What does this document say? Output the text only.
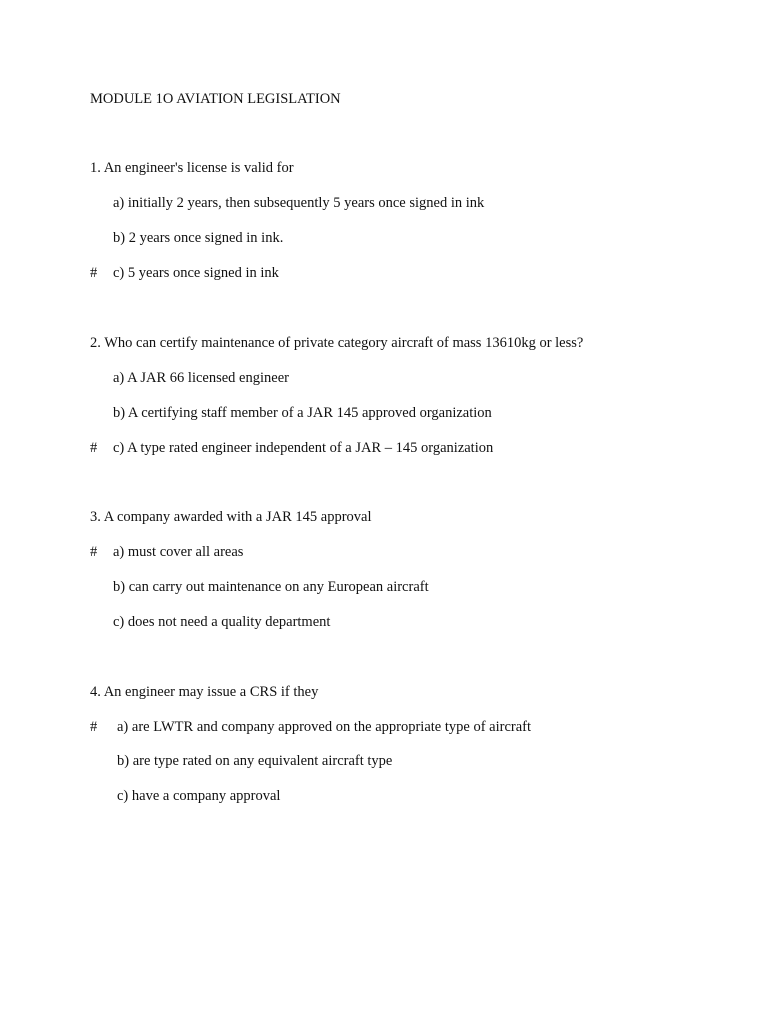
MODULE 1O AVIATION LEGISLATION
1. An engineer's license is valid for
a) initially 2 years, then subsequently 5 years once signed in ink
b) 2 years once signed in ink.
# c) 5 years once signed in ink
2. Who can certify maintenance of private category aircraft of mass 13610kg or less?
a) A JAR 66 licensed engineer
b) A certifying staff member of a JAR 145 approved organization
# c) A type rated engineer independent of a JAR – 145 organization
3. A company awarded with a JAR 145 approval
# a) must cover all areas
b) can carry out maintenance on any European aircraft
c) does not need a quality department
4. An engineer may issue a CRS if they
# a) are LWTR and company approved on the appropriate type of aircraft
b) are type rated on any equivalent aircraft type
c) have a company approval
